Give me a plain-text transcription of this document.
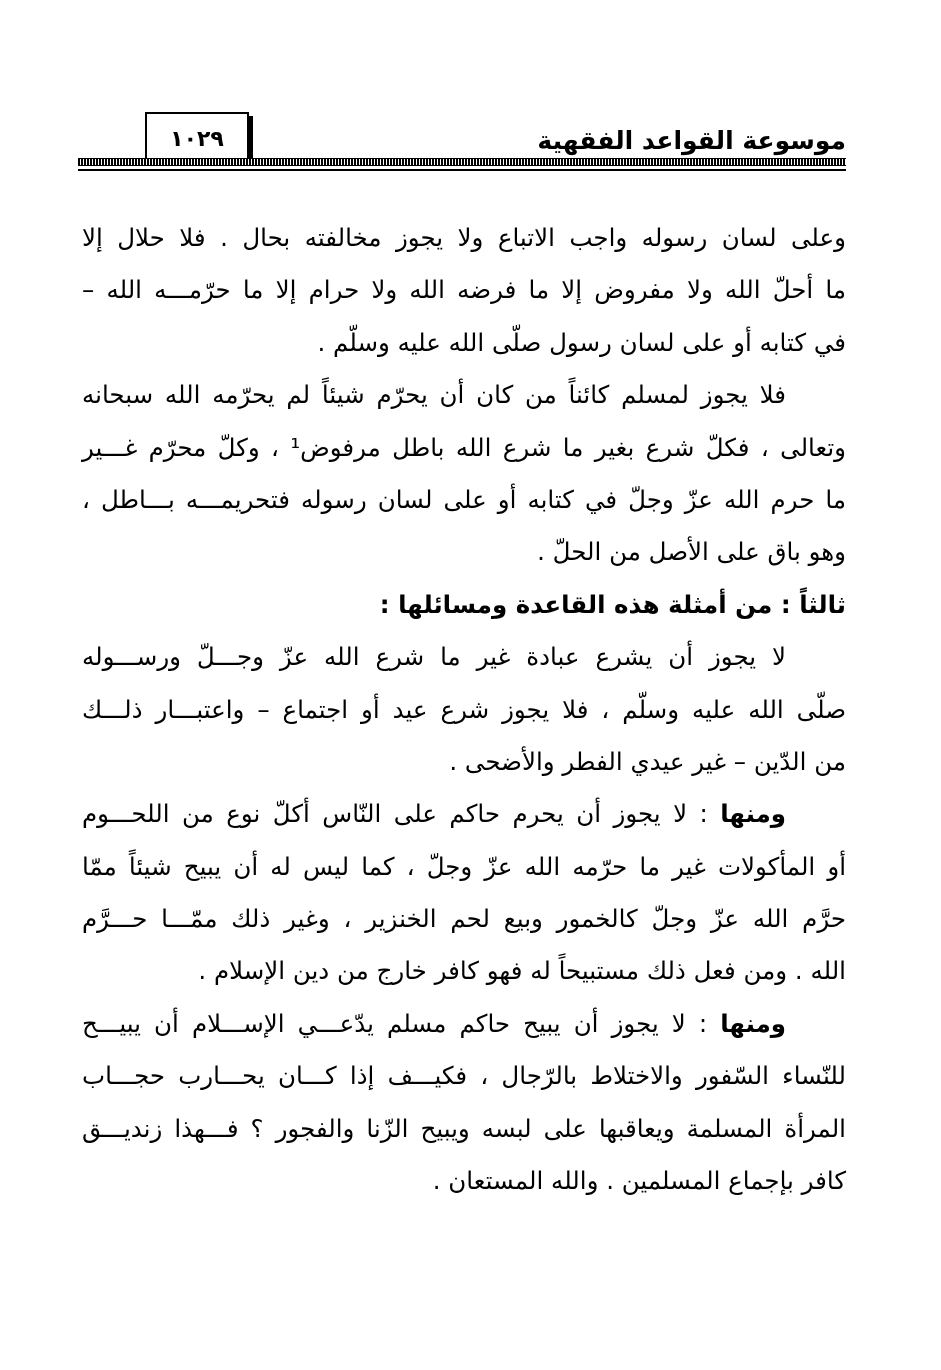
موسوعة القواعد الفقهية
١٠٢٩
وعلى لسان رسوله واجب الاتباع ولا يجوز مخالفته بحال . فلا حلال إلا
ما أحلّ الله ولا مفروض إلا ما فرضه الله ولا حرام إلا ما حرّمـــه الله –
في كتابه أو على لسان رسول صلّى الله عليه وسلّم .
فلا يجوز لمسلم كائناً من كان أن يحرّم شيئاً لم يحرّمه الله سبحانه
وتعالى ، فكلّ شرع بغير ما شرع الله باطل مرفوض¹ ، وكلّ محرّم غـــير
ما حرم الله عزّ وجلّ في كتابه أو على لسان رسوله فتحريمـــه بـــاطل ،
وهو باق على الأصل من الحلّ .
ثالثاً : من أمثلة هذه القاعدة ومسائلها :
لا يجوز أن يشرع عبادة غير ما شرع الله عزّ وجـــلّ ورســـوله
صلّى الله عليه وسلّم ، فلا يجوز شرع عيد أو اجتماع – واعتبـــار ذلـــك
من الدّين – غير عيدي الفطر والأضحى .
ومنها : لا يجوز أن يحرم حاكم على النّاس أكلّ نوع من اللحـــوم
أو المأكولات غير ما حرّمه الله عزّ وجلّ ، كما ليس له أن يبيح شيئاً ممّا
حرَّم الله عزّ وجلّ كالخمور وبيع لحم الخنزير ، وغير ذلك ممّـــا حـــرَّم
الله . ومن فعل ذلك مستبيحاً له فهو كافر خارج من دين الإسلام .
ومنها : لا يجوز أن يبيح حاكم مسلم يدّعـــي الإســـلام أن يبيـــح
للنّساء السّفور والاختلاط بالرّجال ، فكيـــف إذا كـــان يحـــارب حجـــاب
المرأة المسلمة ويعاقبها على لبسه ويبيح الزّنا والفجور ؟ فـــهذا زنديـــق
كافر بإجماع المسلمين . والله المستعان .
